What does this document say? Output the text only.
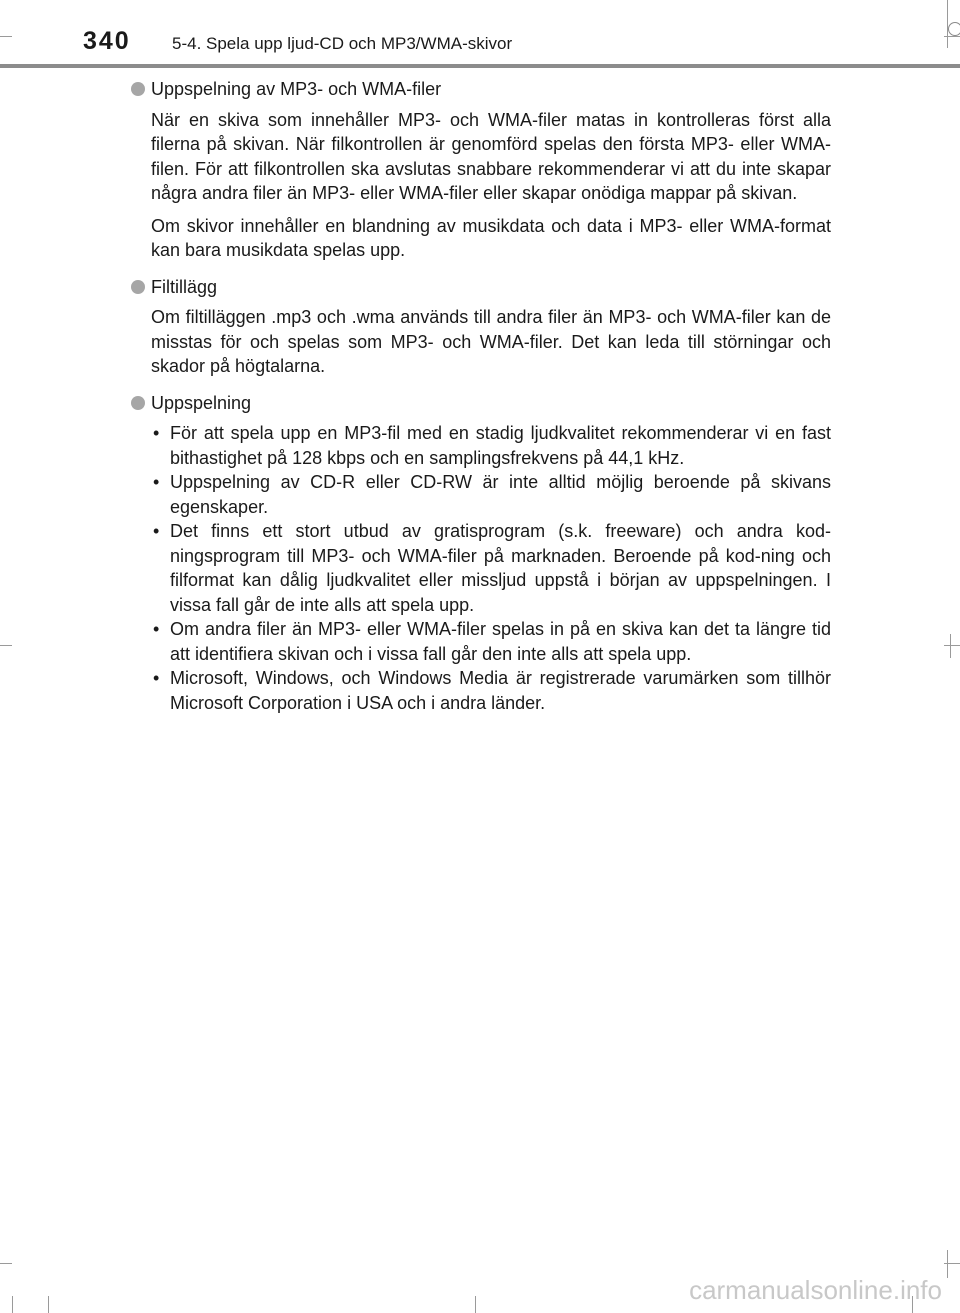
340 5-4. Spela upp ljud-CD och MP3/WMA-skivor
Uppspelning av MP3- och WMA-filer

När en skiva som innehåller MP3- och WMA-filer matas in kontrolleras först alla filerna på skivan. När filkontrollen är genomförd spelas den första MP3- eller WMA-filen. För att filkontrollen ska avslutas snabbare rekommenderar vi att du inte skapar några andra filer än MP3- eller WMA-filer eller skapar onödiga mappar på skivan.

Om skivor innehåller en blandning av musikdata och data i MP3- eller WMA-format kan bara musikdata spelas upp.

Filtillägg

Om filtilläggen .mp3 och .wma används till andra filer än MP3- och WMA-filer kan de misstas för och spelas som MP3- och WMA-filer. Det kan leda till störningar och skador på högtalarna.

Uppspelning
• För att spela upp en MP3-fil med en stadig ljudkvalitet rekommenderar vi en fast bithastighet på 128 kbps och en samplingsfrekvens på 44,1 kHz.
• Uppspelning av CD-R eller CD-RW är inte alltid möjlig beroende på skivans egenskaper.
• Det finns ett stort utbud av gratisprogram (s.k. freeware) och andra kod-ningsprogram till MP3- och WMA-filer på marknaden. Beroende på kod-ning och filformat kan dålig ljudkvalitet eller missljud uppstå i början av uppspelningen. I vissa fall går de inte alls att spela upp.
• Om andra filer än MP3- eller WMA-filer spelas in på en skiva kan det ta längre tid att identifiera skivan och i vissa fall går den inte alls att spela upp.
• Microsoft, Windows, och Windows Media är registrerade varumärken som tillhör Microsoft Corporation i USA och i andra länder.
carmanualsonline.info
